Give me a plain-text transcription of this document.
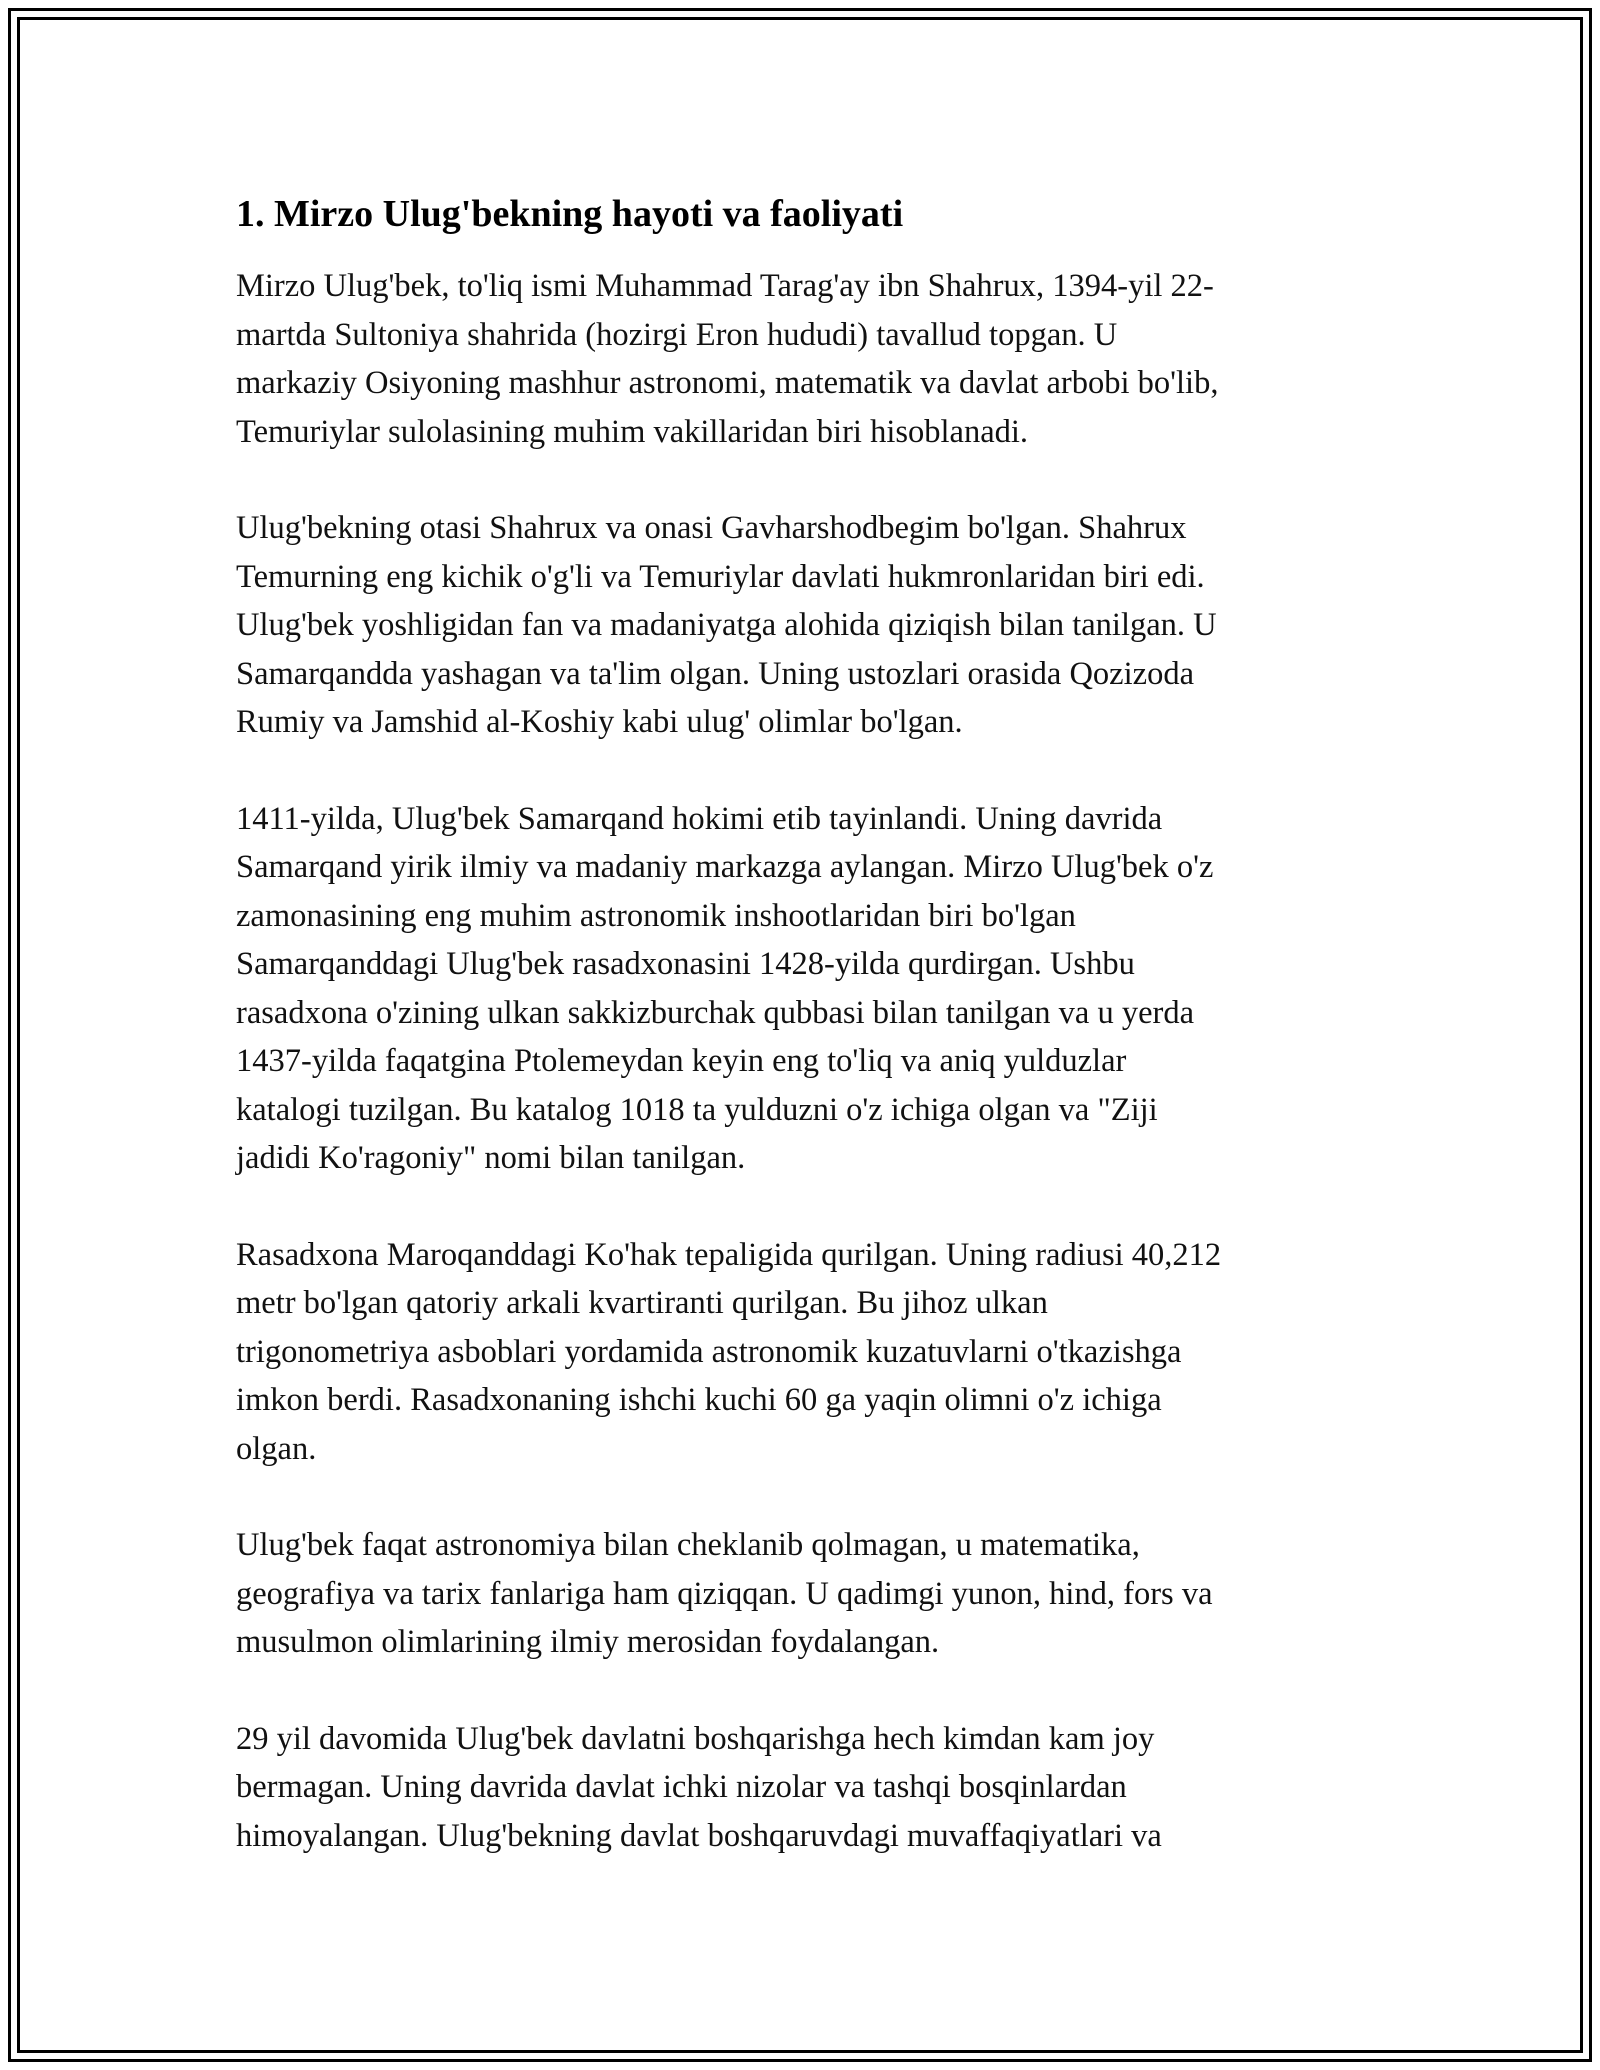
1. Mirzo Ulug'bekning hayoti va faoliyati
Mirzo Ulug'bek, to'liq ismi Muhammad Tarag'ay ibn Shahrux, 1394-yil 22-
martda Sultoniya shahrida (hozirgi Eron hududi) tavallud topgan. U
markaziy Osiyoning mashhur astronomi, matematik va davlat arbobi bo'lib,
Temuriylar sulolasining muhim vakillaridan biri hisoblanadi.
Ulug'bekning otasi Shahrux va onasi Gavharshodbegim bo'lgan. Shahrux
Temurning eng kichik o'g'li va Temuriylar davlati hukmronlaridan biri edi.
Ulug'bek yoshligidan fan va madaniyatga alohida qiziqish bilan tanilgan. U
Samarqandda yashagan va ta'lim olgan. Uning ustozlari orasida Qozizoda
Rumiy va Jamshid al-Koshiy kabi ulug' olimlar bo'lgan.
1411-yilda, Ulug'bek Samarqand hokimi etib tayinlandi. Uning davrida
Samarqand yirik ilmiy va madaniy markazga aylangan. Mirzo Ulug'bek o'z
zamonasining eng muhim astronomik inshootlaridan biri bo'lgan
Samarqanddagi Ulug'bek rasadxonasini 1428-yilda qurdirgan. Ushbu
rasadxona o'zining ulkan sakkizburchak qubbasi bilan tanilgan va u yerda
1437-yilda faqatgina Ptolemeydan keyin eng to'liq va aniq yulduzlar
katalogi tuzilgan. Bu katalog 1018 ta yulduzni o'z ichiga olgan va "Ziji
jadidi Ko'ragoniy" nomi bilan tanilgan.
Rasadxona Maroqanddagi Ko'hak tepaligida qurilgan. Uning radiusi 40,212
metr bo'lgan qatoriy arkali kvartiranti qurilgan. Bu jihoz ulkan
trigonometriya asboblari yordamida astronomik kuzatuvlarni o'tkazishga
imkon berdi. Rasadxonaning ishchi kuchi 60 ga yaqin olimni o'z ichiga
olgan.
Ulug'bek faqat astronomiya bilan cheklanib qolmagan, u matematika,
geografiya va tarix fanlariga ham qiziqqan. U qadimgi yunon, hind, fors va
musulmon olimlarining ilmiy merosidan foydalangan.
29 yil davomida Ulug'bek davlatni boshqarishga hech kimdan kam joy
bermagan. Uning davrida davlat ichki nizolar va tashqi bosqinlardan
himoyalangan. Ulug'bekning davlat boshqaruvdagi muvaffaqiyatlari va
